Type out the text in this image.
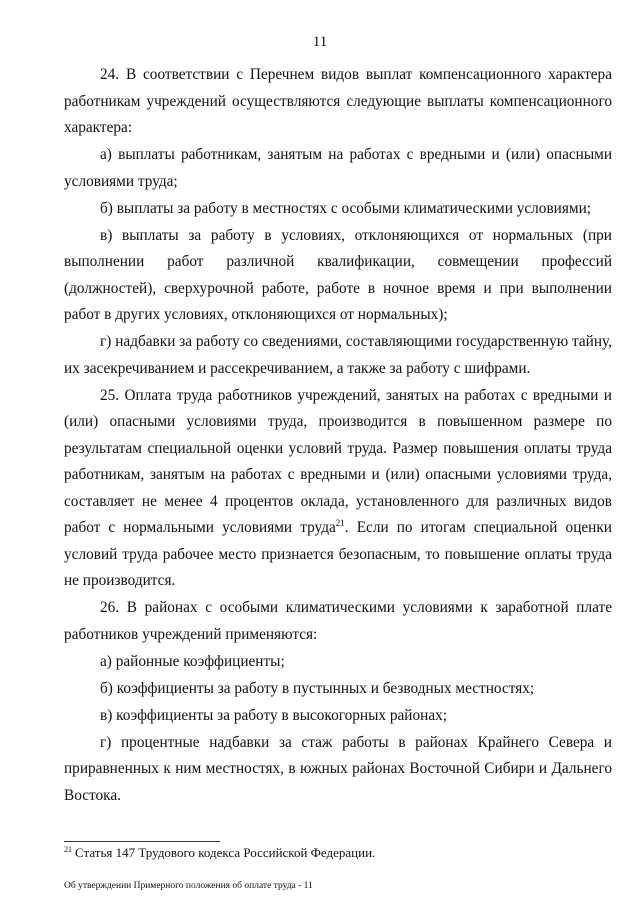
11

24. В соответствии с Перечнем видов выплат компенсационного характера работникам учреждений осуществляются следующие выплаты компенсационного характера:

а) выплаты работникам, занятым на работах с вредными и (или) опасными условиями труда;

б) выплаты за работу в местностях с особыми климатическими условиями;

в) выплаты за работу в условиях, отклоняющихся от нормальных (при выполнении работ различной квалификации, совмещении профессий (должностей), сверхурочной работе, работе в ночное время и при выполнении работ в других условиях, отклоняющихся от нормальных);

г) надбавки за работу со сведениями, составляющими государственную тайну, их засекречиванием и рассекречиванием, а также за работу с шифрами.

25. Оплата труда работников учреждений, занятых на работах с вредными и (или) опасными условиями труда, производится в повышенном размере по результатам специальной оценки условий труда. Размер повышения оплаты труда работникам, занятым на работах с вредными и (или) опасными условиями труда, составляет не менее 4 процентов оклада, установленного для различных видов работ с нормальными условиями труда$^{21}$. Если по итогам специальной оценки условий труда рабочее место признается безопасным, то повышение оплаты труда не производится.

26. В районах с особыми климатическими условиями к заработной плате работников учреждений применяются:

а) районные коэффициенты;

б) коэффициенты за работу в пустынных и безводных местностях;

в) коэффициенты за работу в высокогорных районах;

г) процентные надбавки за стаж работы в районах Крайнего Севера и приравненных к ним местностях, в южных районах Восточной Сибири и Дальнего Востока.

$^{21}$ Статья 147 Трудового кодекса Российской Федерации.
Об утверждении Примерного положения об оплате труда - 11
